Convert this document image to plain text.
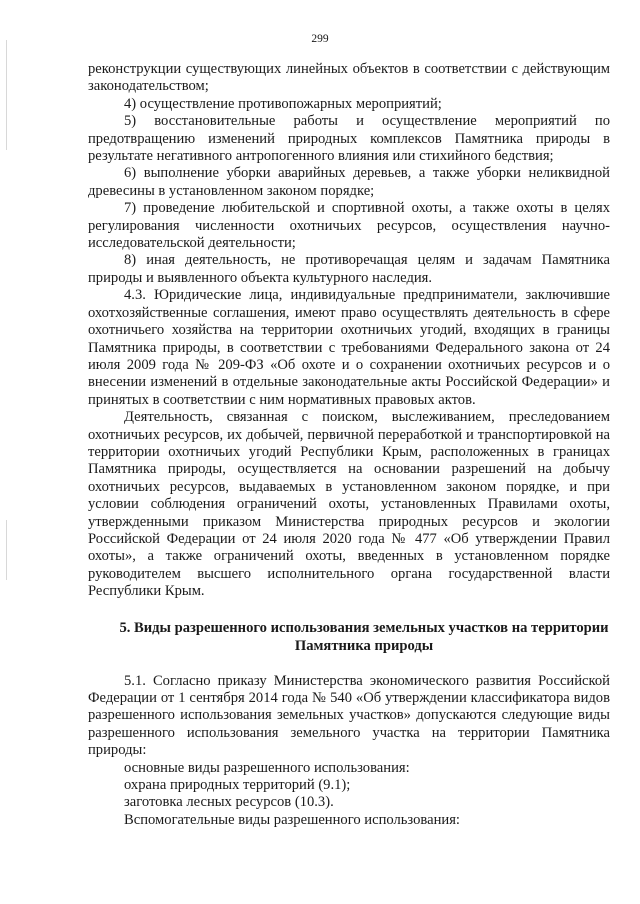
299

реконструкции существующих линейных объектов в соответствии с действующим законодательством;

4) осуществление противопожарных мероприятий;

5) восстановительные работы и осуществление мероприятий по предотвращению изменений природных комплексов Памятника природы в результате негативного антропогенного влияния или стихийного бедствия;

6) выполнение уборки аварийных деревьев, а также уборки неликвидной древесины в установленном законом порядке;

7) проведение любительской и спортивной охоты, а также охоты в целях регулирования численности охотничьих ресурсов, осуществления научно-исследовательской деятельности;

8) иная деятельность, не противоречащая целям и задачам Памятника природы и выявленного объекта культурного наследия.

4.3. Юридические лица, индивидуальные предприниматели, заключившие охотхозяйственные соглашения, имеют право осуществлять деятельность в сфере охотничьего хозяйства на территории охотничьих угодий, входящих в границы Памятника природы, в соответствии с требованиями Федерального закона от 24 июля 2009 года № 209-ФЗ «Об охоте и о сохранении охотничьих ресурсов и о внесении изменений в отдельные законодательные акты Российской Федерации» и принятых в соответствии с ним нормативных правовых актов.

Деятельность, связанная с поиском, выслеживанием, преследованием охотничьих ресурсов, их добычей, первичной переработкой и транспортировкой на территории охотничьих угодий Республики Крым, расположенных в границах Памятника природы, осуществляется на основании разрешений на добычу охотничьих ресурсов, выдаваемых в установленном законом порядке, и при условии соблюдения ограничений охоты, установленных Правилами охоты, утвержденными приказом Министерства природных ресурсов и экологии Российской Федерации от 24 июля 2020 года № 477 «Об утверждении Правил охоты», а также ограничений охоты, введенных в установленном порядке руководителем высшего исполнительного органа государственной власти Республики Крым.

5. Виды разрешенного использования земельных участков на территории Памятника природы

5.1. Согласно приказу Министерства экономического развития Российской Федерации от 1 сентября 2014 года № 540 «Об утверждении классификатора видов разрешенного использования земельных участков» допускаются следующие виды разрешенного использования земельного участка на территории Памятника природы:

основные виды разрешенного использования:

охрана природных территорий (9.1);

заготовка лесных ресурсов (10.3).

Вспомогательные виды разрешенного использования:
